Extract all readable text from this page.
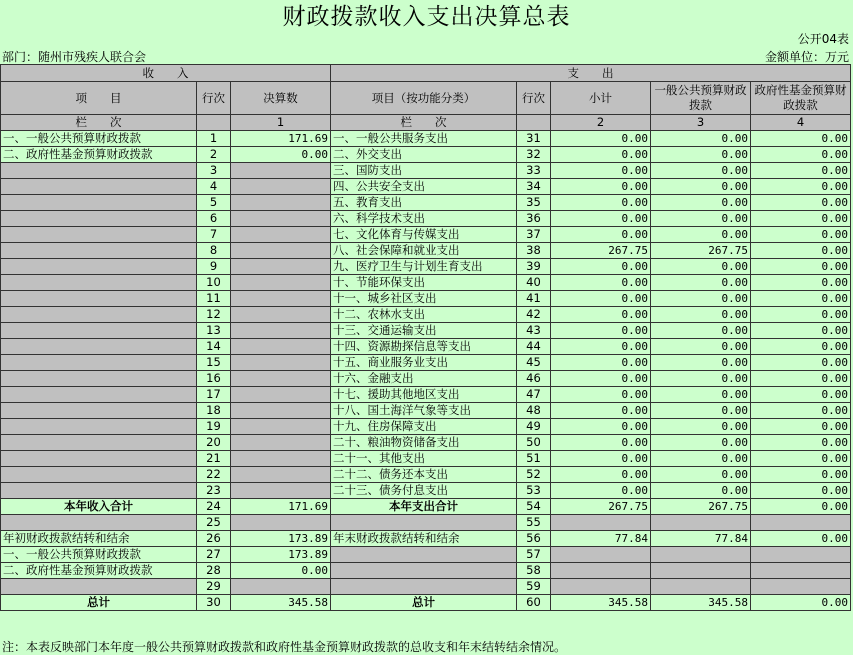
财政拨款收入支出决算总表
公开04表
部门：随州市残疾人联合会	金额单位：万元
收　　入			支　　出				
项　　目	行次	决算数	项目（按功能分类）	行次	小计	一般公共预算财政拨款	政府性基金预算财政拨款
栏　　次		1	栏　　次		2	3	4
一、一般公共预算财政拨款	1	171.69	一、一般公共服务支出	31	0.00	0.00	0.00
二、政府性基金预算财政拨款	2	0.00	二、外交支出	32	0.00	0.00	0.00
	3		三、国防支出	33	0.00	0.00	0.00
	4		四、公共安全支出	34	0.00	0.00	0.00
	5		五、教育支出	35	0.00	0.00	0.00
	6		六、科学技术支出	36	0.00	0.00	0.00
	7		七、文化体育与传媒支出	37	0.00	0.00	0.00
	8		八、社会保障和就业支出	38	267.75	267.75	0.00
	9		九、医疗卫生与计划生育支出	39	0.00	0.00	0.00
	10		十、节能环保支出	40	0.00	0.00	0.00
	11		十一、城乡社区支出	41	0.00	0.00	0.00
	12		十二、农林水支出	42	0.00	0.00	0.00
	13		十三、交通运输支出	43	0.00	0.00	0.00
	14		十四、资源勘探信息等支出	44	0.00	0.00	0.00
	15		十五、商业服务业支出	45	0.00	0.00	0.00
	16		十六、金融支出	46	0.00	0.00	0.00
	17		十七、援助其他地区支出	47	0.00	0.00	0.00
	18		十八、国土海洋气象等支出	48	0.00	0.00	0.00
	19		十九、住房保障支出	49	0.00	0.00	0.00
	20		二十、粮油物资储备支出	50	0.00	0.00	0.00
	21		二十一、其他支出	51	0.00	0.00	0.00
	22		二十二、债务还本支出	52	0.00	0.00	0.00
	23		二十三、债务付息支出	53	0.00	0.00	0.00
本年收入合计	24	171.69	本年支出合计	54	267.75	267.75	0.00
	25			55			
年初财政拨款结转和结余	26	173.89	年末财政拨款结转和结余	56	77.84	77.84	0.00
一、一般公共预算财政拨款	27	173.89		57			
二、政府性基金预算财政拨款	28	0.00		58			
	29			59			
总计	30	345.58	总计	60	345.58	345.58	0.00
注：本表反映部门本年度一般公共预算财政拨款和政府性基金预算财政拨款的总收支和年末结转结余情况。
